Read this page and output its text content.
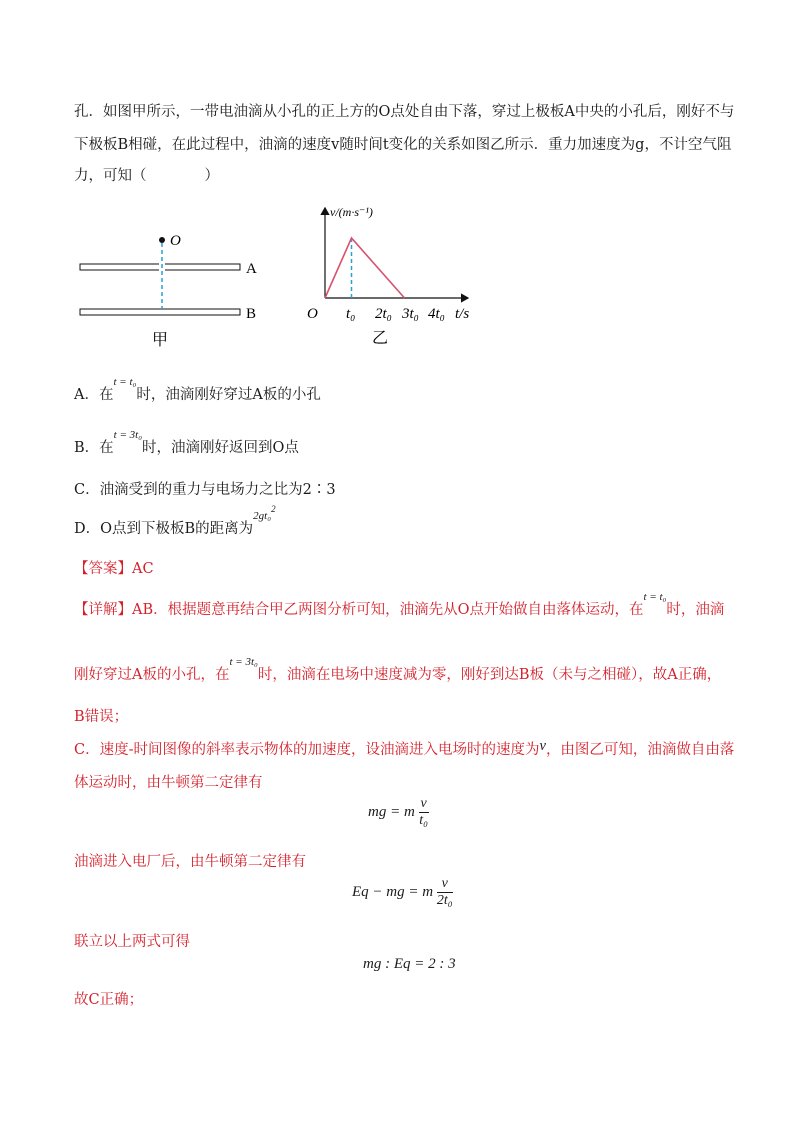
孔．如图甲所示，一带电油滴从小孔的正上方的O点处自由下落，穿过上极板A中央的小孔后，刚好不与
下极板B相碰，在此过程中，油滴的速度v随时间t变化的关系如图乙所示．重力加速度为g，不计空气阻
力，可知（　　　　）
O
A
B
甲
v/(m·s⁻¹)
O t₀ 2t₀ 3t₀ 4t₀ t/s
乙
A．在$^{t = t_0}$时，油滴刚好穿过A板的小孔
B．在$^{t = 3t_0}$时，油滴刚好返回到O点
C．油滴受到的重力与电场力之比为2∶3
D．O点到下极板B的距离为$^{2gt_0^2}$
【答案】AC
【详解】AB．根据题意再结合甲乙两图分析可知，油滴先从O点开始做自由落体运动，在$^{t = t_0}$时，油滴
刚好穿过A板的小孔，在$^{t = 3t_0}$时，油滴在电场中速度减为零，刚好到达B板（未与之相碰），故A正确，
B错误；
C．速度-时间图像的斜率表示物体的加速度，设油滴进入电场时的速度为v，由图乙可知，油滴做自由落
体运动时，由牛顿第二定律有
mg = m $\frac{v}{\text{t₀}}$
油滴进入电厂后，由牛顿第二定律有
Eq − mg = m $\frac{v}{\text{2t₀}}$
联立以上两式可得
mg : Eq = 2 : 3
故C正确；
